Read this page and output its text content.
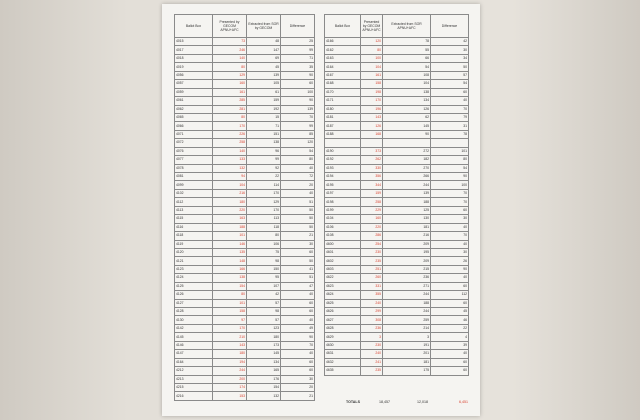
Ballot Box	Presented by GECOM APNU+AFC	Extracted from SOR by GECOM	Difference
4015	73	48	25
4017	246	147	99
4018	140	69	71
4019	80	45	35
4056	129	139	90
4057	160	105	60
4059	161	61	100
4061	285	159	90
4062	281	192	139
4065	80	15	70
4066	170	71	99
4071	226	151	85
4072	258	138	120
4076	140	96	54
4077	133	99	80
4078	132	92	40
4081	94	22	72
4099	104	114	20
4102	216	170	40
4112	180	129	51
4113	220	170	50
4115	163	113	50
4116	188	118	50
4118	101	80	21
4119	146	106	30
4120	135	75	60
4121	148	98	50
4123	166	150	41
4124	138	95	51
4125	154	107	47
4126	80	42	40
4127	101	57	60
4128	158	98	60
4130	97	57	40
4142	170	123	49
4145	210	180	90
4146	143	173	70
4147	180	145	40
4164	194	134	60
4212	244	165	60
4213	200	176	30
4215	174	154	20
4216	153	132	21
Ballot Box	Presented by GECOM APNU+AFC	Extracted from SOR APNU+AFC	Difference
4166	120	78	42
4162	80	55	30
4163	100	66	34
4164	104	54	50
4167	161	108	57
4168	158	104	54
4170	198	138	60
4171	170	134	40
4180	196	126	70
4181	143	62	79
4187	126	145	31
4188	168	90	78

4190	373	272	101
4192	262	182	80
4193	330	270	54
4194	356	266	90
4195	344	244	100
4197	159	139	70
4198	258	188	70
4199	229	125	60
4104	160	130	30
4106	220	181	40
4108	286	216	70
4600	254	209	40
4601	230	195	30
4602	235	209	26
4603	251	215	90
4622	260	236	40
4623	331	271	60
4624	355	244	112
4625	240	188	60
4626	299	244	45
4627	308	259	46
4628	236	214	22
4629	3	3	4
4630	230	191	39
4631	240	201	40
4632	241	181	60
4635	235	175	60
TOTALS	18,457	12,018	6,451
